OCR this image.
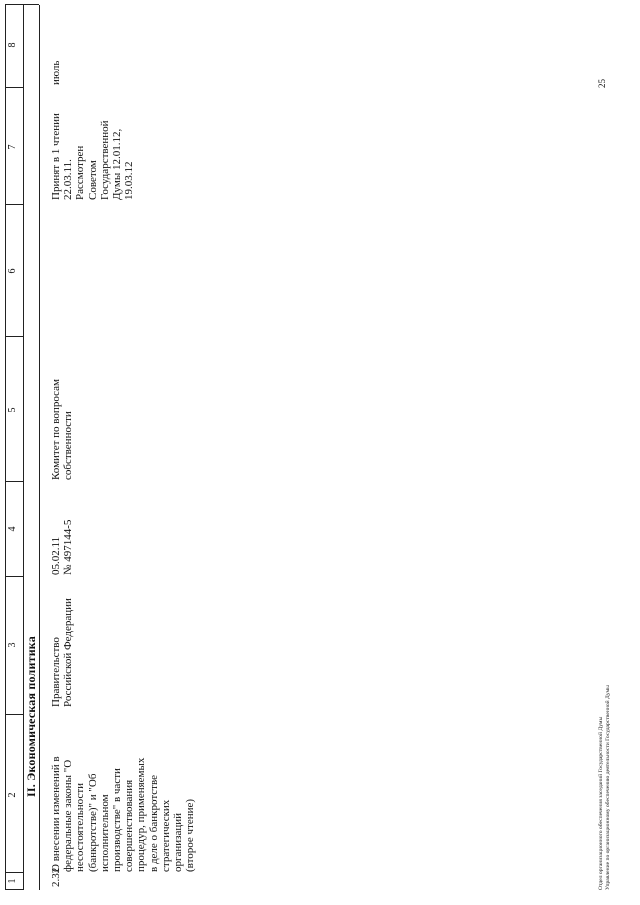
1
2
3
4
5
6
7
8
II. Экономическая политика
2.32
О внесении изменений в
федеральные законы "О
несостоятельности
(банкротстве)" и "Об
исполнительном
производстве" в части
совершенствования
процедур, применяемых
в деле о банкротстве
стратегических
организаций
(второе чтение)
Правительство
Российской Федерации
05.02.11
№ 497144-5
Комитет по вопросам
собственности
Принят в 1 чтении
22.03.11.
Рассмотрен
Советом
Государственной
Думы 12.01.12,
19.03.12
июль
Отдел организационного обеспечения заседаний Государственной Думы Управление по организационному обеспечению деятельности Государственной Думы
25
